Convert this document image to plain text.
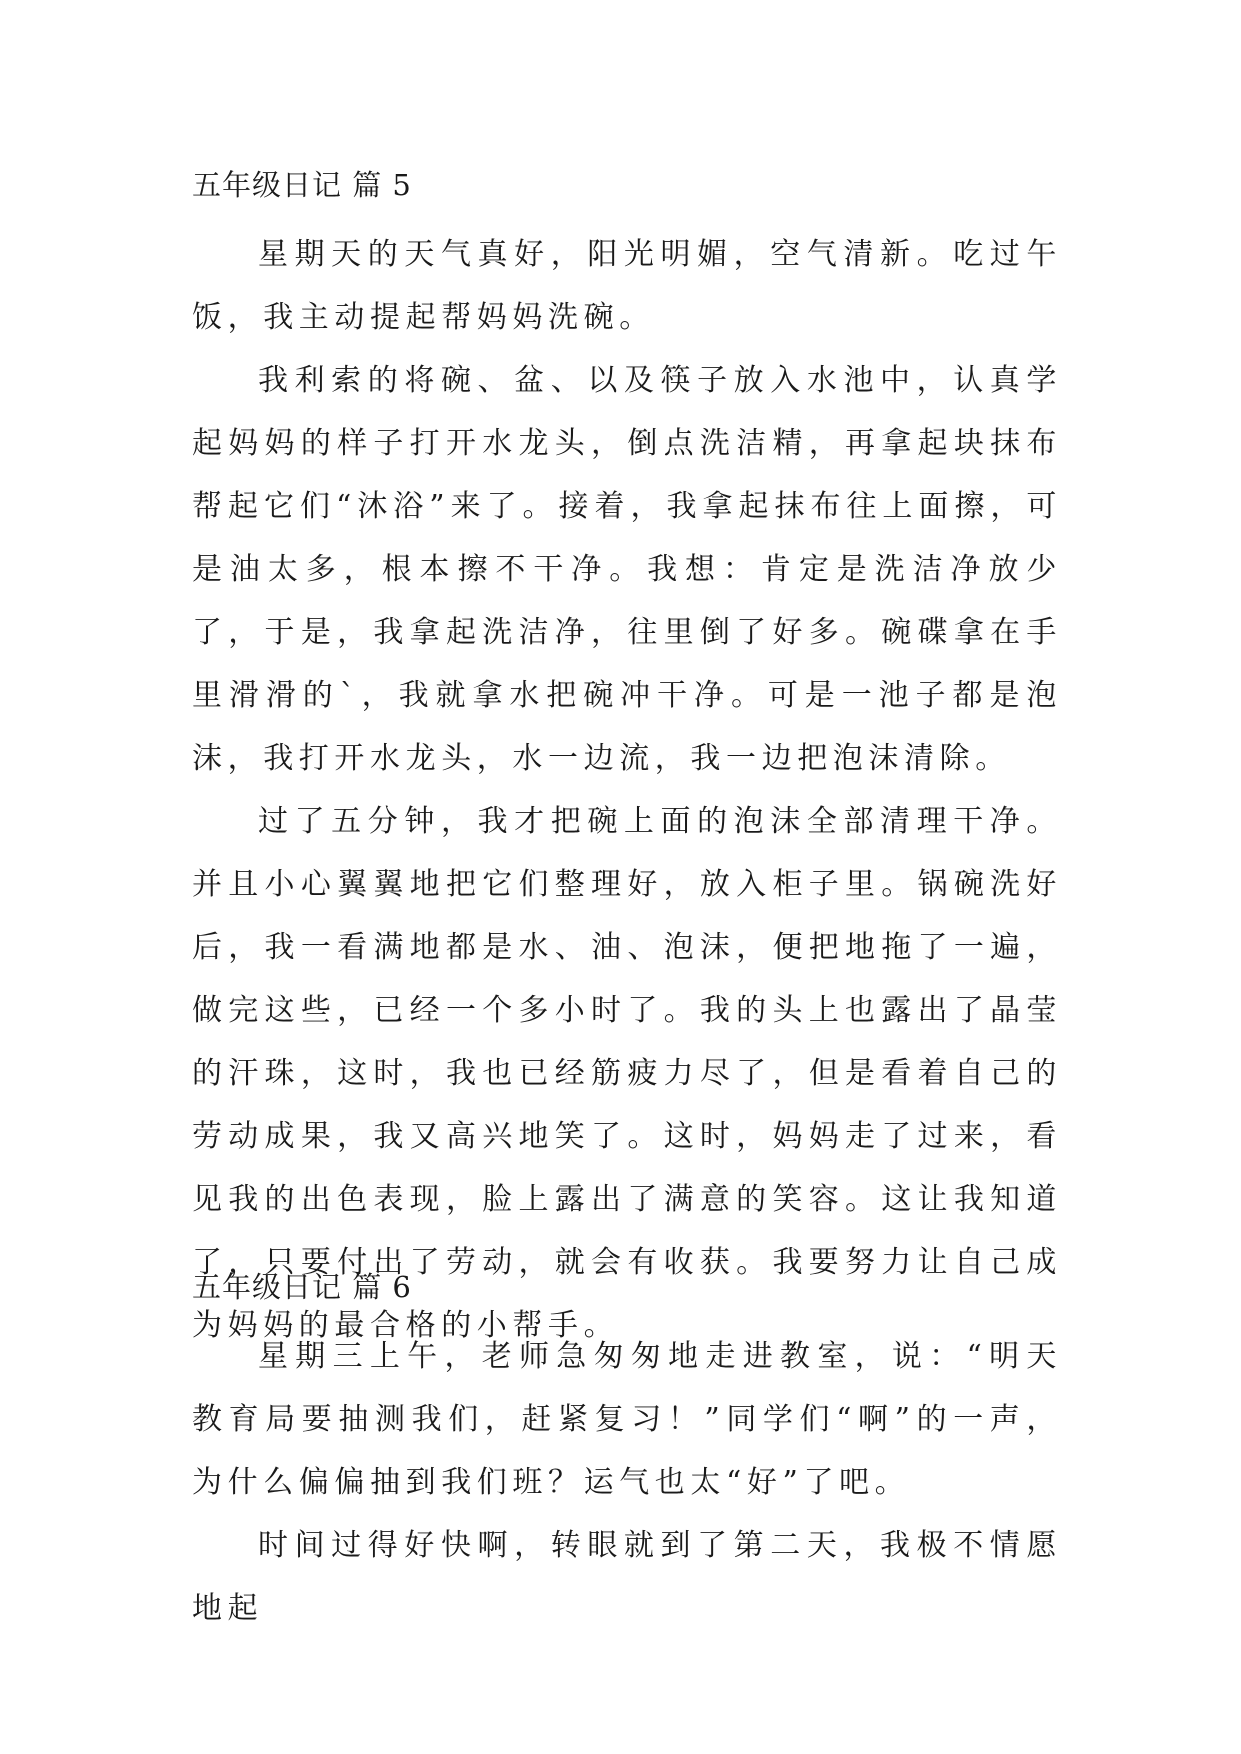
五年级日记 篇 5

星期天的天气真好，阳光明媚，空气清新。吃过午饭，我主动提起帮妈妈洗碗。

我利索的将碗、盆、以及筷子放入水池中，认真学起妈妈的样子打开水龙头，倒点洗洁精，再拿起块抹布帮起它们“沐浴”来了。接着，我拿起抹布往上面擦，可是油太多，根本擦不干净。我想：肯定是洗洁净放少了，于是，我拿起洗洁净，往里倒了好多。碗碟拿在手里滑滑的`，我就拿水把碗冲干净。可是一池子都是泡沫，我打开水龙头，水一边流，我一边把泡沫清除。

过了五分钟，我才把碗上面的泡沫全部清理干净。并且小心翼翼地把它们整理好，放入柜子里。锅碗洗好后，我一看满地都是水、油、泡沫，便把地拖了一遍，做完这些，已经一个多小时了。我的头上也露出了晶莹的汗珠，这时，我也已经筋疲力尽了，但是看着自己的劳动成果，我又高兴地笑了。这时，妈妈走了过来，看见我的出色表现，脸上露出了满意的笑容。这让我知道了，只要付出了劳动，就会有收获。我要努力让自己成为妈妈的最合格的小帮手。

五年级日记 篇 6

星期三上午，老师急匆匆地走进教室，说：“明天教育局要抽测我们，赶紧复习！”同学们“啊”的一声，为什么偏偏抽到我们班？运气也太“好”了吧。

时间过得好快啊，转眼就到了第二天，我极不情愿地起
